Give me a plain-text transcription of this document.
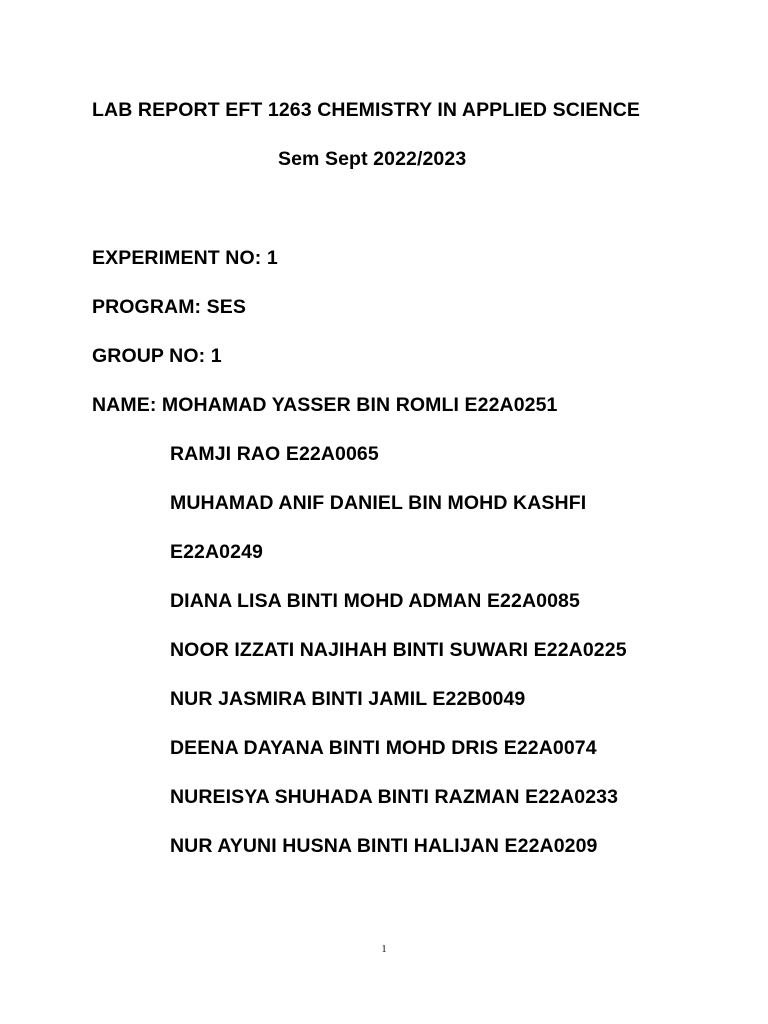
LAB REPORT EFT 1263 CHEMISTRY IN APPLIED SCIENCE
Sem Sept 2022/2023
EXPERIMENT NO: 1
PROGRAM: SES
GROUP NO: 1
NAME: MOHAMAD YASSER BIN ROMLI E22A0251
RAMJI RAO E22A0065
MUHAMAD ANIF DANIEL BIN MOHD KASHFI
E22A0249
DIANA LISA BINTI MOHD ADMAN E22A0085
NOOR IZZATI NAJIHAH BINTI SUWARI E22A0225
NUR JASMIRA BINTI JAMIL E22B0049
DEENA DAYANA BINTI MOHD DRIS E22A0074
NUREISYA SHUHADA BINTI RAZMAN E22A0233
NUR AYUNI HUSNA BINTI HALIJAN E22A0209
1
